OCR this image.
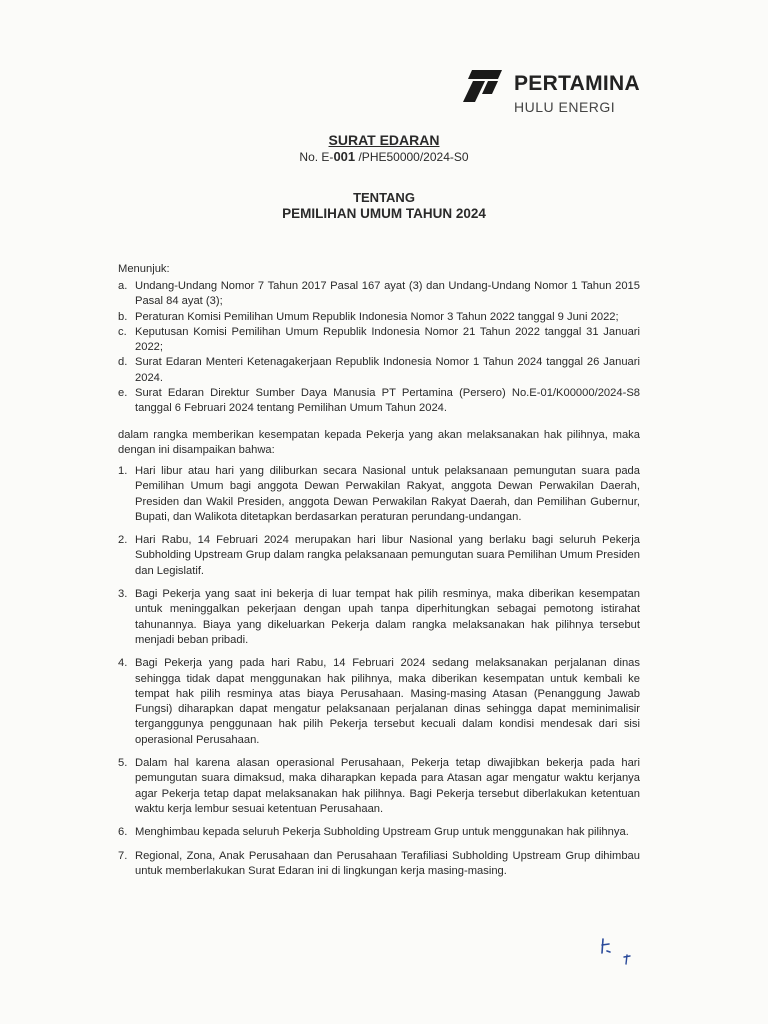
PERTAMINA
HULU ENERGI
SURAT EDARAN
No. E-001 /PHE50000/2024-S0
TENTANG
PEMILIHAN UMUM TAHUN 2024
Menunjuk:
a. Undang-Undang Nomor 7 Tahun 2017 Pasal 167 ayat (3) dan Undang-Undang Nomor 1 Tahun 2015 Pasal 84 ayat (3);
b. Peraturan Komisi Pemilihan Umum Republik Indonesia Nomor 3 Tahun 2022 tanggal 9 Juni 2022;
c. Keputusan Komisi Pemilihan Umum Republik Indonesia Nomor 21 Tahun 2022 tanggal 31 Januari 2022;
d. Surat Edaran Menteri Ketenagakerjaan Republik Indonesia Nomor 1 Tahun 2024 tanggal 26 Januari 2024.
e. Surat Edaran Direktur Sumber Daya Manusia PT Pertamina (Persero) No.E-01/K00000/2024-S8 tanggal 6 Februari 2024 tentang Pemilihan Umum Tahun 2024.
dalam rangka memberikan kesempatan kepada Pekerja yang akan melaksanakan hak pilihnya, maka dengan ini disampaikan bahwa:
1. Hari libur atau hari yang diliburkan secara Nasional untuk pelaksanaan pemungutan suara pada Pemilihan Umum bagi anggota Dewan Perwakilan Rakyat, anggota Dewan Perwakilan Daerah, Presiden dan Wakil Presiden, anggota Dewan Perwakilan Rakyat Daerah, dan Pemilihan Gubernur, Bupati, dan Walikota ditetapkan berdasarkan peraturan perundang-undangan.
2. Hari Rabu, 14 Februari 2024 merupakan hari libur Nasional yang berlaku bagi seluruh Pekerja Subholding Upstream Grup dalam rangka pelaksanaan pemungutan suara Pemilihan Umum Presiden dan Legislatif.
3. Bagi Pekerja yang saat ini bekerja di luar tempat hak pilih resminya, maka diberikan kesempatan untuk meninggalkan pekerjaan dengan upah tanpa diperhitungkan sebagai pemotong istirahat tahunannya. Biaya yang dikeluarkan Pekerja dalam rangka melaksanakan hak pilihnya tersebut menjadi beban pribadi.
4. Bagi Pekerja yang pada hari Rabu, 14 Februari 2024 sedang melaksanakan perjalanan dinas sehingga tidak dapat menggunakan hak pilihnya, maka diberikan kesempatan untuk kembali ke tempat hak pilih resminya atas biaya Perusahaan. Masing-masing Atasan (Penanggung Jawab Fungsi) diharapkan dapat mengatur pelaksanaan perjalanan dinas sehingga dapat meminimalisir terganggunya penggunaan hak pilih Pekerja tersebut kecuali dalam kondisi mendesak dari sisi operasional Perusahaan.
5. Dalam hal karena alasan operasional Perusahaan, Pekerja tetap diwajibkan bekerja pada hari pemungutan suara dimaksud, maka diharapkan kepada para Atasan agar mengatur waktu kerjanya agar Pekerja tetap dapat melaksanakan hak pilihnya. Bagi Pekerja tersebut diberlakukan ketentuan waktu kerja lembur sesuai ketentuan Perusahaan.
6. Menghimbau kepada seluruh Pekerja Subholding Upstream Grup untuk menggunakan hak pilihnya.
7. Regional, Zona, Anak Perusahaan dan Perusahaan Terafiliasi Subholding Upstream Grup dihimbau untuk memberlakukan Surat Edaran ini di lingkungan kerja masing-masing.
